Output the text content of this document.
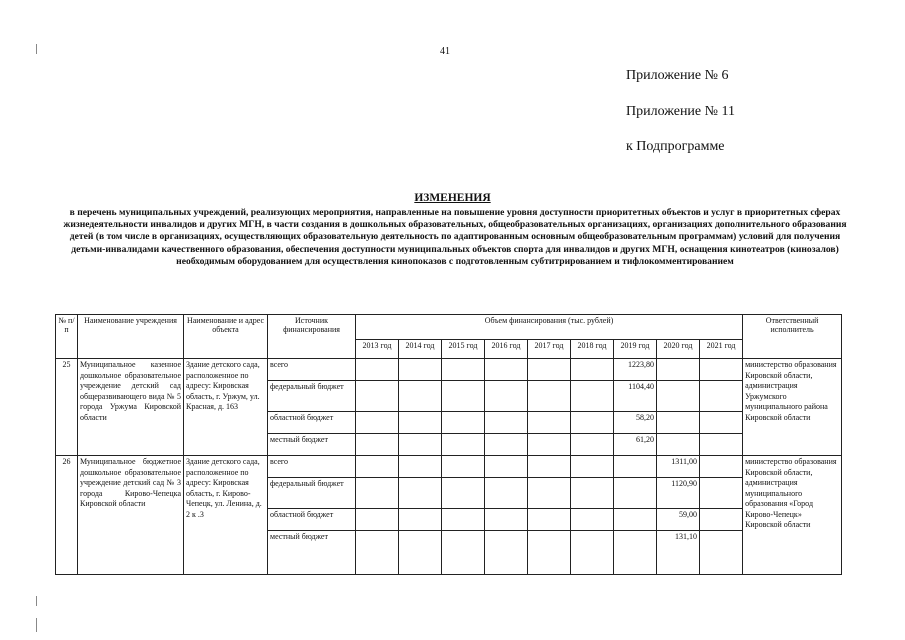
41
Приложение № 6
Приложение № 11
к Подпрограмме
ИЗМЕНЕНИЯ
в перечень муниципальных учреждений, реализующих мероприятия, направленные на повышение уровня доступности приоритетных объектов и услуг в приоритетных сферах жизнедеятельности инвалидов и других МГН, в части создания в дошкольных образовательных, общеобразовательных организациях, организациях дополнительного образования детей (в том числе в организациях, осуществляющих образовательную деятельность по адаптированным основным общеобразовательным программам) условий для получения детьми-инвалидами качественного образования, обеспечения доступности муниципальных объектов спорта для инвалидов и других МГН, оснащения кинотеатров (кинозалов) необходимым оборудованием для осуществления кинопоказов с подготовленным субтитрированием и тифлокомментированием
№ п/п	Наименование учреждения	Наименование и адрес объекта	Источник финансирования	Объем финансирования (тыс. рублей)									Ответственный исполнитель
				2013 год	2014 год	2015 год	2016 год	2017 год	2018 год	2019 год	2020 год	2021 год	
25	Муниципальное казенное дошкольное образовательное учреждение детский сад общеразвивающего вида № 5 города Уржума Кировской области	Здание детского сада, расположенное по адресу: Кировская область, г. Уржум, ул. Красная, д. 163	всего							1223,80			министерство образования Кировской области, администрация Уржумского муниципального района Кировской области
			федеральный бюджет							1104,40			
			областной бюджет							58,20			
			местный бюджет							61,20			
26	Муниципальное бюджетное дошкольное образовательное учреждение детский сад № 3 города Кирово-Чепецка Кировской области	Здание детского сада, расположенное по адресу: Кировская область, г. Кирово-Чепецк, ул. Ленина, д. 2 к .3	всего								1311,00		министерство образования Кировской области, администрация муниципального образования «Город Кирово-Чепецк» Кировской области
			федеральный бюджет								1120,90		
			областной бюджет								59,00		
			местный бюджет								131,10		
